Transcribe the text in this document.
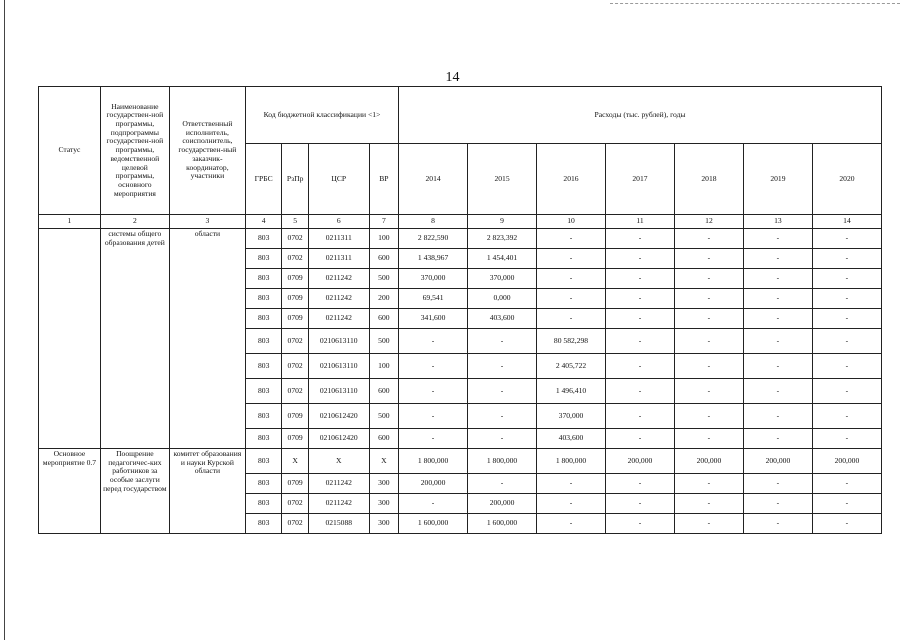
14
Статус	Наименование государствен-ной программы, подпрограммы государствен-ной программы, ведомственной целевой программы, основного мероприятия	Ответственный исполнитель, соисполнитель, государствен-ный заказчик-координатор, участники	Код бюджетной классификации <1>				Расходы (тыс. рублей), годы						
			ГРБС	РзПр	ЦСР	ВР	2014	2015	2016	2017	2018	2019	2020
1	2	3	4	5	6	7	8	9	10	11	12	13	14
	системы общего образования детей	области	803	0702	0211311	100	2 822,590	2 823,392	-	-	-	-	-
			803	0702	0211311	600	1 438,967	1 454,401	-	-	-	-	-
			803	0709	0211242	500	370,000	370,000	-	-	-	-	-
			803	0709	0211242	200	69,541	0,000	-	-	-	-	-
			803	0709	0211242	600	341,600	403,600	-	-	-	-	-
			803	0702	0210613110	500	-	-	80 582,298	-	-	-	-
			803	0702	0210613110	100	-	-	2 405,722	-	-	-	-
			803	0702	0210613110	600	-	-	1 496,410	-	-	-	-
			803	0709	0210612420	500	-	-	370,000	-	-	-	-
			803	0709	0210612420	600	-	-	403,600	-	-	-	-
Основное мероприятие 0.7	Поощрение педагогичес-ких работников за особые заслуги перед государством	комитет образования и науки Курской области	803	Х	Х	Х	1 800,000	1 800,000	1 800,000	200,000	200,000	200,000	200,000
			803	0709	0211242	300	200,000	-	-	-	-	-	-
			803	0702	0211242	300	-	200,000	-	-	-	-	-
			803	0702	0215088	300	1 600,000	1 600,000	-	-	-	-	-
